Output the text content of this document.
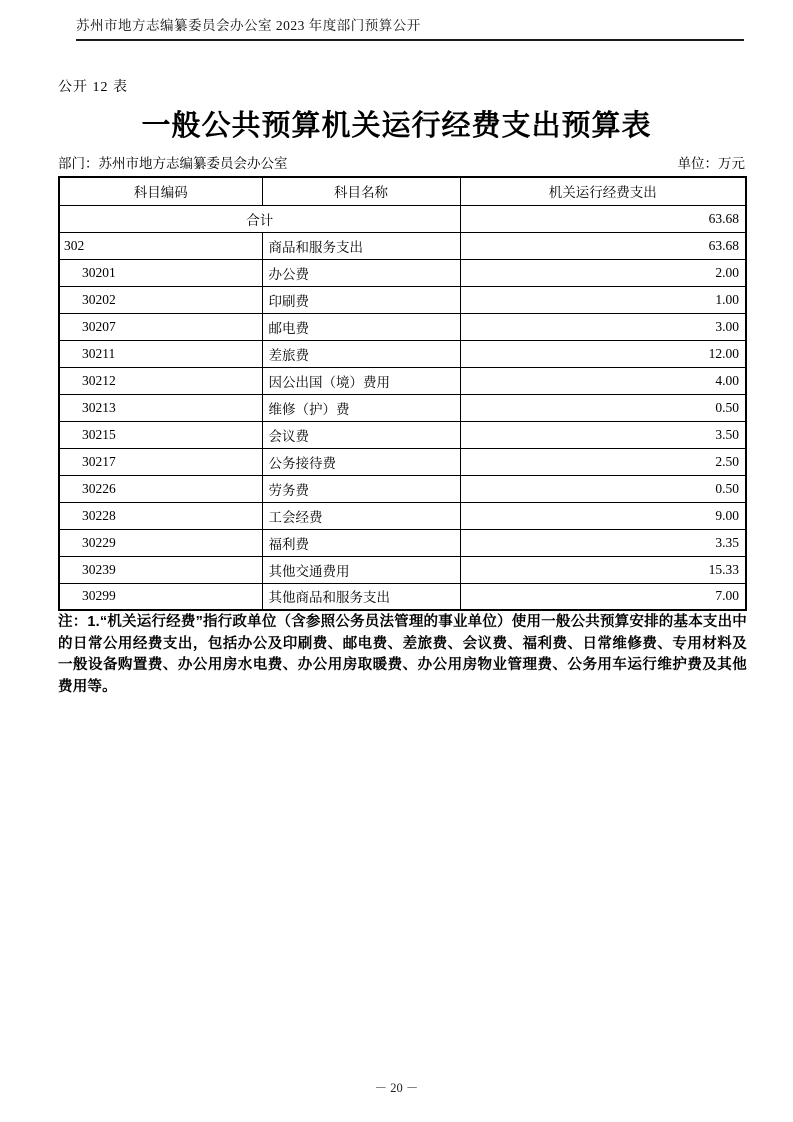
苏州市地方志编纂委员会办公室 2023 年度部门预算公开
公开 12 表
一般公共预算机关运行经费支出预算表
部门：苏州市地方志编纂委员会办公室	单位：万元
科目编码	科目名称	机关运行经费支出
合计		63.68
302	商品和服务支出	63.68
30201	办公费	2.00
30202	印刷费	1.00
30207	邮电费	3.00
30211	差旅费	12.00
30212	因公出国（境）费用	4.00
30213	维修（护）费	0.50
30215	会议费	3.50
30217	公务接待费	2.50
30226	劳务费	0.50
30228	工会经费	9.00
30229	福利费	3.35
30239	其他交通费用	15.33
30299	其他商品和服务支出	7.00
注：1.“机关运行经费”指行政单位（含参照公务员法管理的事业单位）使用一般公共预算安排的基本支出中的日常公用经费支出，包括办公及印刷费、邮电费、差旅费、会议费、福利费、日常维修费、专用材料及一般设备购置费、办公用房水电费、办公用房取暖费、办公用房物业管理费、公务用车运行维护费及其他费用等。
－ 20 －
